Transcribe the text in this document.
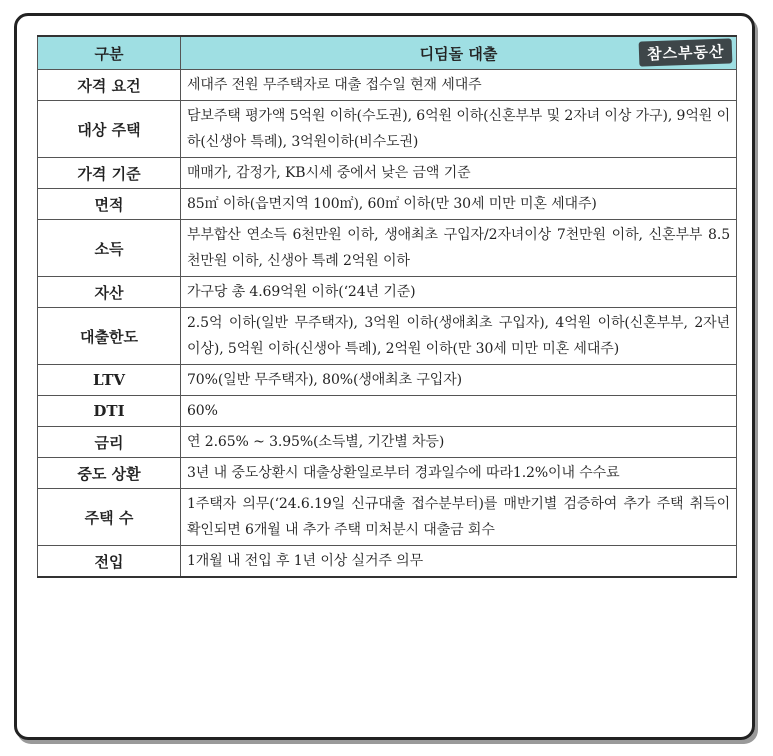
구분	디딤돌 대출 참스부동산

자격 요건	세대주 전원 무주택자로 대출 접수일 현재 세대주
대상 주택	담보주택 평가액 5억원 이하(수도권), 6억원 이하(신혼부부 및 2자녀 이상 가구), 9억원 이하(신생아 특례), 3억원이하(비수도권)
가격 기준	매매가, 감정가, KB시세 중에서 낮은 금액 기준
면적	85㎡ 이하(읍면지역 100㎡), 60㎡ 이하(만 30세 미만 미혼 세대주)
소득	부부합산 연소득 6천만원 이하, 생애최초 구입자/2자녀이상 7천만원 이하, 신혼부부 8.5천만원 이하, 신생아 특례 2억원 이하
자산	가구당 총 4.69억원 이하(‘24년 기준)
대출한도	2.5억 이하(일반 무주택자), 3억원 이하(생애최초 구입자), 4억원 이하(신혼부부, 2자년 이상), 5억원 이하(신생아 특례), 2억원 이하(만 30세 미만 미혼 세대주)
LTV	70%(일반 무주택자), 80%(생애최초 구입자)
DTI	60%
금리	연 2.65% ~ 3.95%(소득별, 기간별 차등)
중도 상환	3년 내 중도상환시 대출상환일로부터 경과일수에 따라1.2%이내 수수료
주택 수	1주택자 의무(‘24.6.19일 신규대출 접수분부터)를 매반기별 검증하여 추가 주택 취득이 확인되면 6개월 내 추가 주택 미처분시 대출금 회수
전입	1개월 내 전입 후 1년 이상 실거주 의무
